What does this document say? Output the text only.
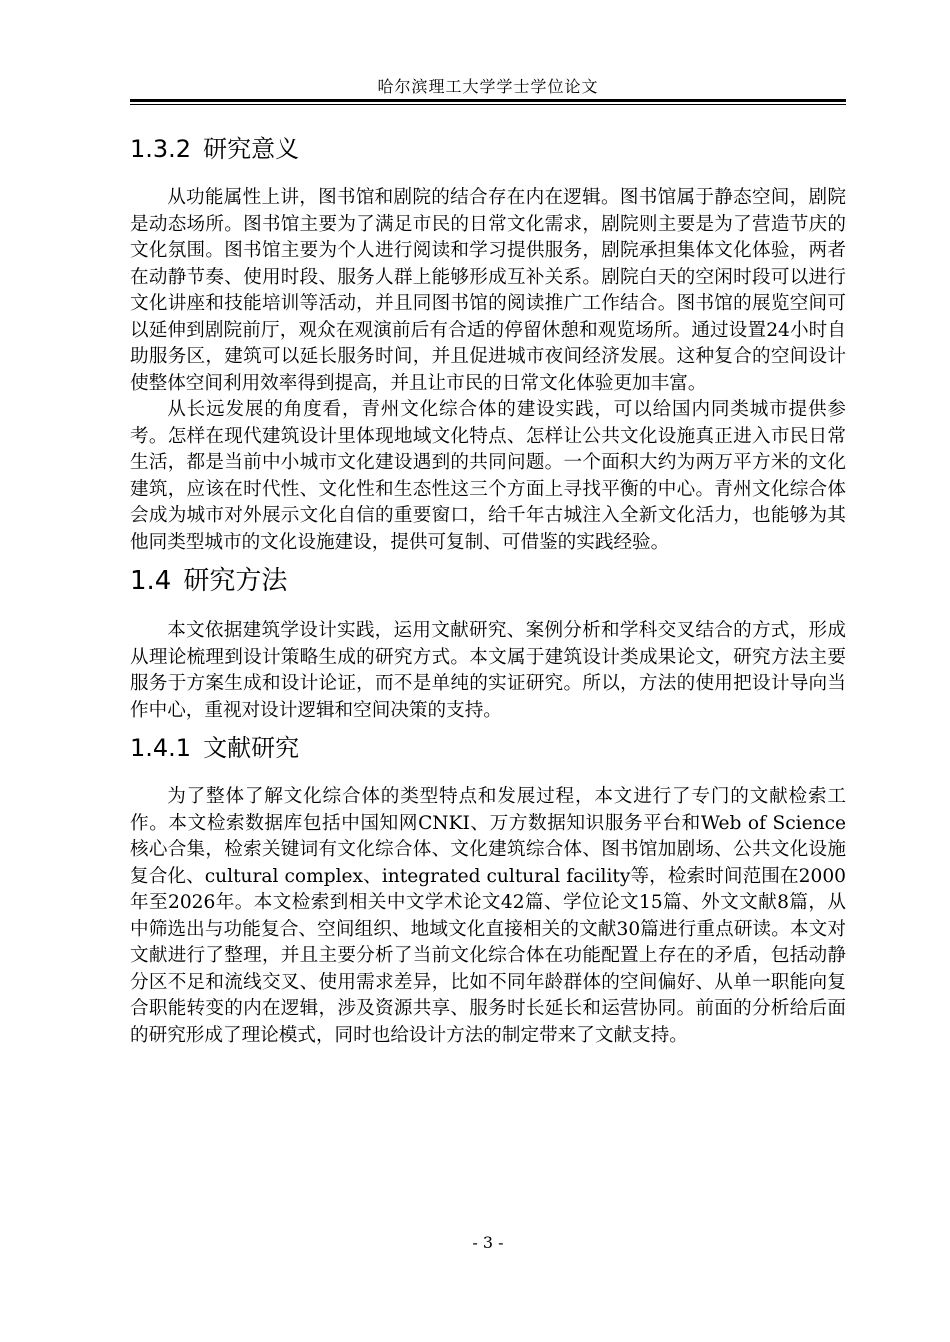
哈尔滨理工大学学士学位论文
1.3.2 研究意义

从功能属性上讲，图书馆和剧院的结合存在内在逻辑。图书馆属于静态空间，剧院是动态场所。图书馆主要为了满足市民的日常文化需求，剧院则主要是为了营造节庆的文化氛围。图书馆主要为个人进行阅读和学习提供服务，剧院承担集体文化体验，两者在动静节奏、使用时段、服务人群上能够形成互补关系。剧院白天的空闲时段可以进行文化讲座和技能培训等活动，并且同图书馆的阅读推广工作结合。图书馆的展览空间可以延伸到剧院前厅，观众在观演前后有合适的停留休憩和观览场所。通过设置24小时自助服务区，建筑可以延长服务时间，并且促进城市夜间经济发展。这种复合的空间设计使整体空间利用效率得到提高，并且让市民的日常文化体验更加丰富。

从长远发展的角度看，青州文化综合体的建设实践，可以给国内同类城市提供参考。怎样在现代建筑设计里体现地域文化特点、怎样让公共文化设施真正进入市民日常生活，都是当前中小城市文化建设遇到的共同问题。一个面积大约为两万平方米的文化建筑，应该在时代性、文化性和生态性这三个方面上寻找平衡的中心。青州文化综合体会成为城市对外展示文化自信的重要窗口，给千年古城注入全新文化活力，也能够为其他同类型城市的文化设施建设，提供可复制、可借鉴的实践经验。

1.4 研究方法

本文依据建筑学设计实践，运用文献研究、案例分析和学科交叉结合的方式，形成从理论梳理到设计策略生成的研究方式。本文属于建筑设计类成果论文，研究方法主要服务于方案生成和设计论证，而不是单纯的实证研究。所以，方法的使用把设计导向当作中心，重视对设计逻辑和空间决策的支持。

1.4.1 文献研究

为了整体了解文化综合体的类型特点和发展过程，本文进行了专门的文献检索工作。本文检索数据库包括中国知网CNKI、万方数据知识服务平台和Web of Science核心合集，检索关键词有文化综合体、文化建筑综合体、图书馆加剧场、公共文化设施复合化、cultural complex、integrated cultural facility等，检索时间范围在2000年至2026年。本文检索到相关中文学术论文42篇、学位论文15篇、外文文献8篇，从中筛选出与功能复合、空间组织、地域文化直接相关的文献30篇进行重点研读。本文对文献进行了整理，并且主要分析了当前文化综合体在功能配置上存在的矛盾，包括动静分区不足和流线交叉、使用需求差异，比如不同年龄群体的空间偏好、从单一职能向复合职能转变的内在逻辑，涉及资源共享、服务时长延长和运营协同。前面的分析给后面的研究形成了理论模式，同时也给设计方法的制定带来了文献支持。

- 3 -
